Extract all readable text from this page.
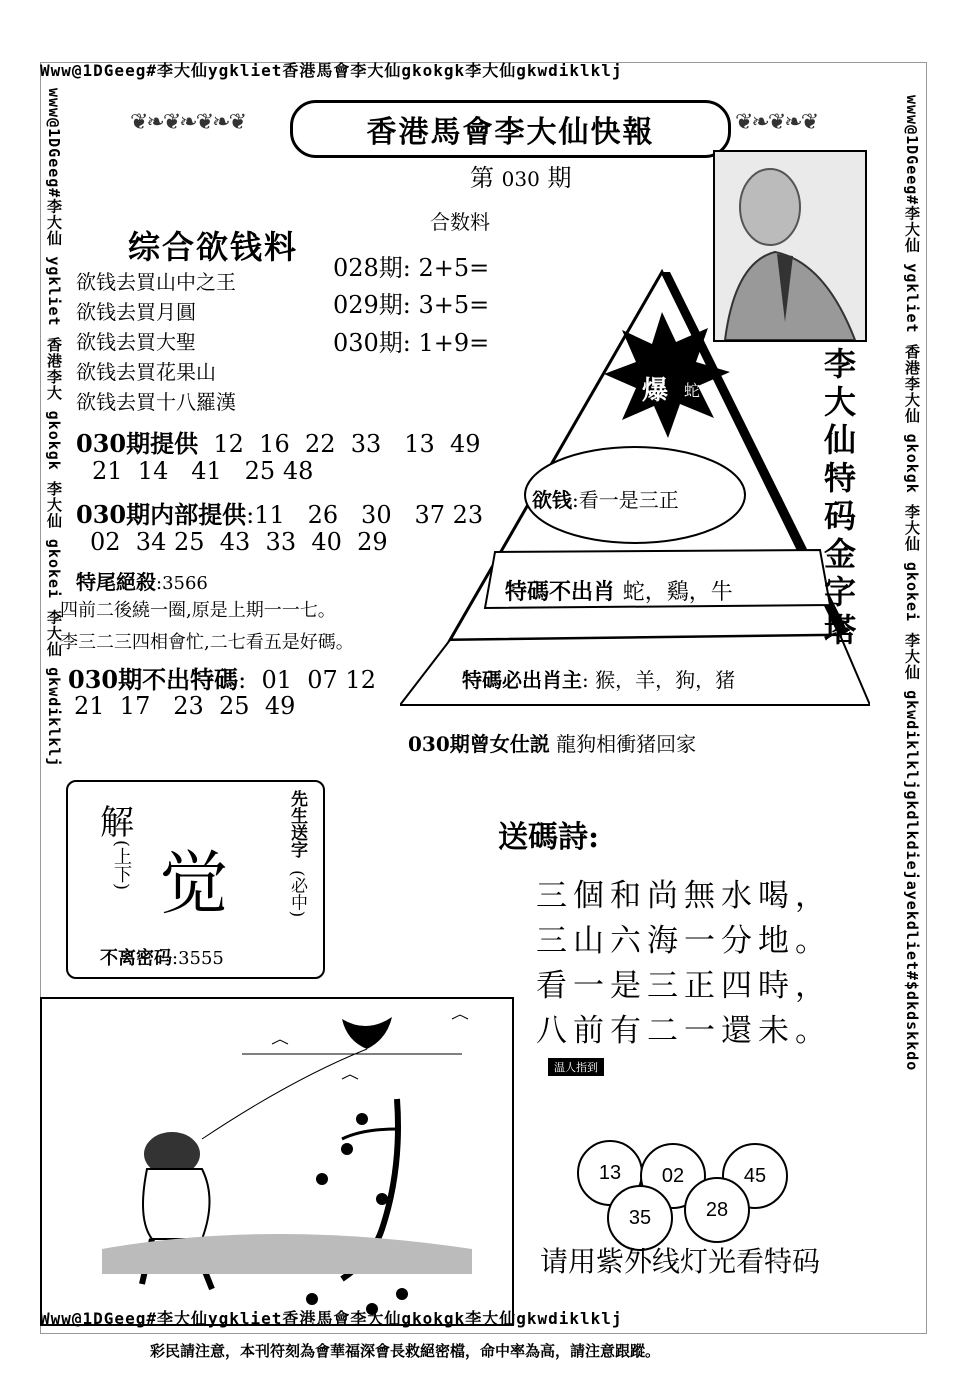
Www@1DGeeg#李大仙ygkliet香港馬會李大仙gkokgk李大仙gkwdiklklj
www@1DGeeg#李大仙 ygkliet 香港李大 gkokgk 李大仙 gkokei 李大仙 gkwdiklklj	www@1DGeeg#李大仙 ygkliet 香港李大仙 gkokgk 李大仙 gkokei 李大仙 gkwdiklkljgkdlkdiejayekdliet#$dkdskkdo
❦❧❦❧❦❧❦	❦❧❦❧❦
香港馬會李大仙快報
第 030 期
合数料
028期: 2+5=
029期: 3+5=
030期: 1+9=
爆 蛇
李大仙特码金字塔
欲钱:看一是三正
特碼不出肖 蛇，鷄，牛
特碼必出肖主: 猴，羊，狗，猪
综合欲钱料
欲钱去買山中之王
欲钱去買月圓
欲钱去買大聖
欲钱去買花果山
欲钱去買十八羅漢
030期提供 12  16  22  33   13  49
21  14   41   25 48
030期内部提供:11   26   30   37 23
02  34 25  43  33  40  29
特尾絕殺:3566
四前二後繞一圈,原是上期一一七。
李三二三四相會忙,二七看五是好碼。
030期不出特碼:  01  07 12
21  17   23  25  49
030期曾女仕説 龍狗相衝猪回家
解
(上下) 觉
先生送字
(必中)
不离密码:3555
送碼詩:
三個和尚無水喝，
三山六海一分地。
看一是三正四時，
八前有二一還未。
温人指到
13	02	45
35	28
请用紫外线灯光看特码
Www@1DGeeg#李大仙ygkliet香港馬會李大仙gkokgk李大仙gkwdiklklj
彩民請注意，本刊符刻為會華福深會長救絕密檔，命中率為高，請注意跟蹤。
